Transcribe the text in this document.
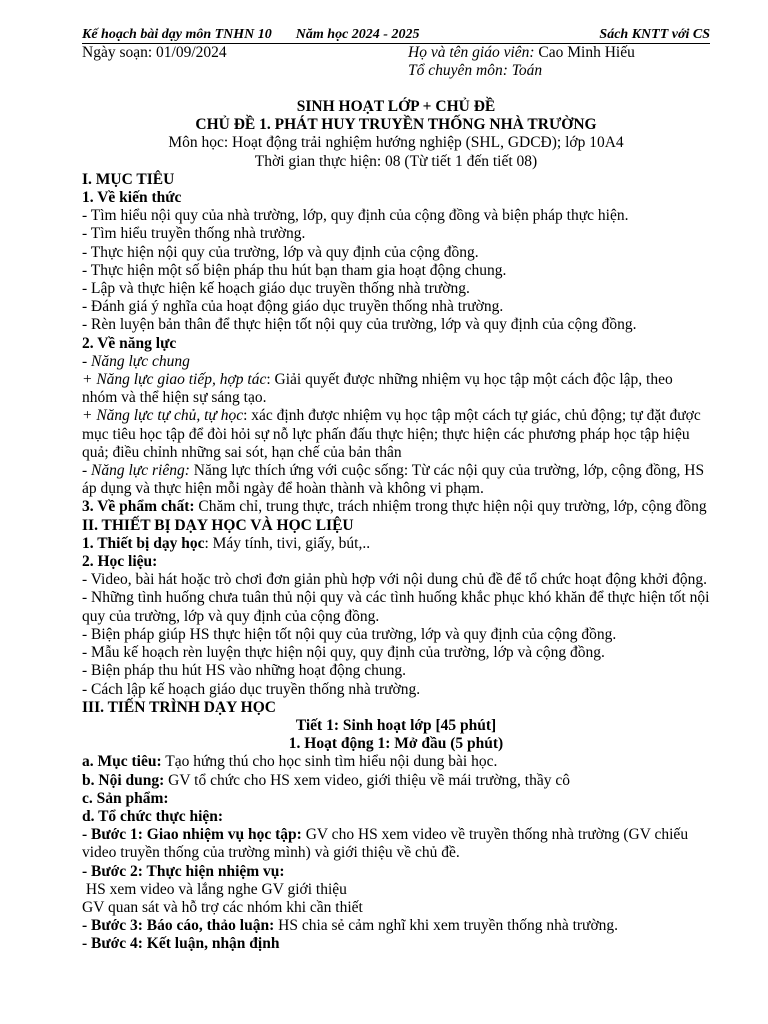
Kế hoạch bài dạy môn TNHN 10 Năm học 2024 - 2025	Sách KNTT với CS
Ngày soạn: 01/09/2024	Họ và tên giáo viên: Cao Minh Hiếu
Tổ chuyên môn: Toán

SINH HOẠT LỚP + CHỦ ĐỀ

CHỦ ĐỀ 1. PHÁT HUY TRUYỀN THỐNG NHÀ TRƯỜNG

Môn học: Hoạt động trải nghiệm hướng nghiệp (SHL, GDCĐ); lớp 10A4

Thời gian thực hiện: 08 (Từ tiết 1 đến tiết 08)

I. MỤC TIÊU

1. Về kiến thức

- Tìm hiểu nội quy của nhà trường, lớp, quy định của cộng đồng và biện pháp thực hiện.

- Tìm hiểu truyền thống nhà trường.

- Thực hiện nội quy của trường, lớp và quy định của cộng đồng.

- Thực hiện một số biện pháp thu hút bạn tham gia hoạt động chung.

- Lập và thực hiện kế hoạch giáo dục truyền thống nhà trường.

- Đánh giá ý nghĩa của hoạt động giáo dục truyền thống nhà trường.

- Rèn luyện bản thân để thực hiện tốt nội quy của trường, lớp và quy định của cộng đồng.

2. Về năng lực

- Năng lực chung

+ Năng lực giao tiếp, hợp tác: Giải quyết được những nhiệm vụ học tập một cách độc lập, theo nhóm và thể hiện sự sáng tạo.

+ Năng lực tự chủ, tự học: xác định được nhiệm vụ học tập một cách tự giác, chủ động; tự đặt được mục tiêu học tập để đòi hỏi sự nỗ lực phấn đấu thực hiện; thực hiện các phương pháp học tập hiệu quả; điều chỉnh những sai sót, hạn chế của bản thân

- Năng lực riêng: Năng lực thích ứng với cuộc sống: Từ các nội quy của trường, lớp, cộng đồng, HS áp dụng và thực hiện mỗi ngày để hoàn thành và không vi phạm.

3. Về phẩm chất: Chăm chỉ, trung thực, trách nhiệm trong thực hiện nội quy trường, lớp, cộng đồng

II. THIẾT BỊ DẠY HỌC VÀ HỌC LIỆU

1. Thiết bị dạy học: Máy tính, tivi, giấy, bút,..

2. Học liệu:

- Video, bài hát hoặc trò chơi đơn giản phù hợp với nội dung chủ đề để tổ chức hoạt động khởi động.

- Những tình huống chưa tuân thủ nội quy và các tình huống khắc phục khó khăn để thực hiện tốt nội quy của trường, lớp và quy định của cộng đồng.

- Biện pháp giúp HS thực hiện tốt nội quy của trường, lớp và quy định của cộng đồng.

- Mẫu kế hoạch rèn luyện thực hiện nội quy, quy định của trường, lớp và cộng đồng.

- Biện pháp thu hút HS vào những hoạt động chung.

- Cách lập kế hoạch giáo dục truyền thống nhà trường.

III. TIẾN TRÌNH DẠY HỌC

Tiết 1: Sinh hoạt lớp [45 phút]

1. Hoạt động 1: Mở đầu (5 phút)

a. Mục tiêu: Tạo hứng thú cho học sinh tìm hiểu nội dung bài học.

b. Nội dung: GV tổ chức cho HS xem video, giới thiệu về mái trường, thầy cô

c. Sản phẩm:

d. Tổ chức thực hiện:

- Bước 1: Giao nhiệm vụ học tập: GV cho HS xem video về truyền thống nhà trường (GV chiếu video truyền thống của trường mình) và giới thiệu về chủ đề.

- Bước 2: Thực hiện nhiệm vụ:

HS xem video và lắng nghe GV giới thiệu

GV quan sát và hỗ trợ các nhóm khi cần thiết

- Bước 3: Báo cáo, thảo luận: HS chia sẻ cảm nghĩ khi xem truyền thống nhà trường.

- Bước 4: Kết luận, nhận định
